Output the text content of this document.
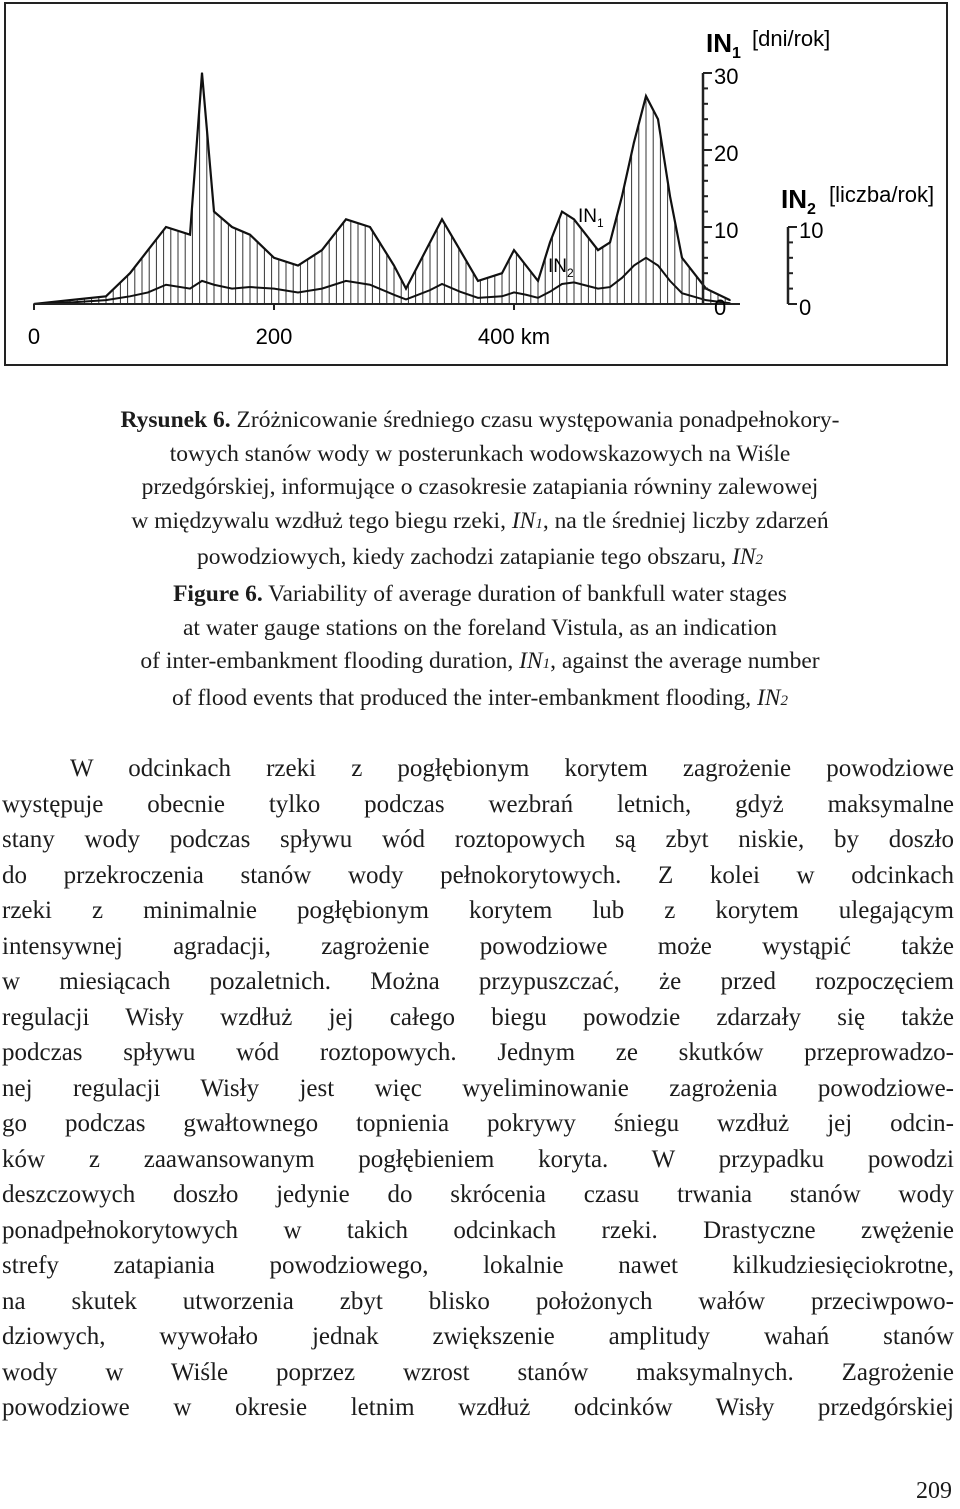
0	200	400 km
$IN_1$
[dni/rok]
30
20
10
0
$IN_2$
[liczba/rok]
10
0
$IN_1$
$IN_2$
Rysunek 6. Zróżnicowanie średniego czasu występowania ponadpełnokory-
towych stanów wody w posterunkach wodowskazowych na Wiśle
przedgórskiej, informujące o czasokresie zatapiania równiny zalewowej
w międzywalu wzdłuż tego biegu rzeki, IN1, na tle średniej liczby zdarzeń
powodziowych, kiedy zachodzi zatapianie tego obszaru, IN2
Figure 6. Variability of average duration of bankfull water stages
at water gauge stations on the foreland Vistula, as an indication
of inter-embankment flooding duration, IN1, against the average number
of flood events that produced the inter-embankment flooding, IN2
W odcinkach rzeki z pogłębionym korytem zagrożenie powodziowe
występuje obecnie tylko podczas wezbrań letnich, gdyż maksymalne
stany wody podczas spływu wód roztopowych są zbyt niskie, by doszło
do przekroczenia stanów wody pełnokorytowych. Z kolei w odcinkach
rzeki z minimalnie pogłębionym korytem lub z korytem ulegającym
intensywnej agradacji, zagrożenie powodziowe może wystąpić także
w miesiącach pozaletnich. Można przypuszczać, że przed rozpoczęciem
regulacji Wisły wzdłuż jej całego biegu powodzie zdarzały się także
podczas spływu wód roztopowych. Jednym ze skutków przeprowadzo-
nej regulacji Wisły jest więc wyeliminowanie zagrożenia powodziowe-
go podczas gwałtownego topnienia pokrywy śniegu wzdłuż jej odcin-
ków z zaawansowanym pogłębieniem koryta. W przypadku powodzi
deszczowych doszło jedynie do skrócenia czasu trwania stanów wody
ponadpełnokorytowych w takich odcinkach rzeki. Drastyczne zwężenie
strefy zatapiania powodziowego, lokalnie nawet kilkudziesięciokrotne,
na skutek utworzenia zbyt blisko położonych wałów przeciwpowo-
dziowych, wywołało jednak zwiększenie amplitudy wahań stanów
wody w Wiśle poprzez wzrost stanów maksymalnych. Zagrożenie
powodziowe w okresie letnim wzdłuż odcinków Wisły przedgórskiej
209
